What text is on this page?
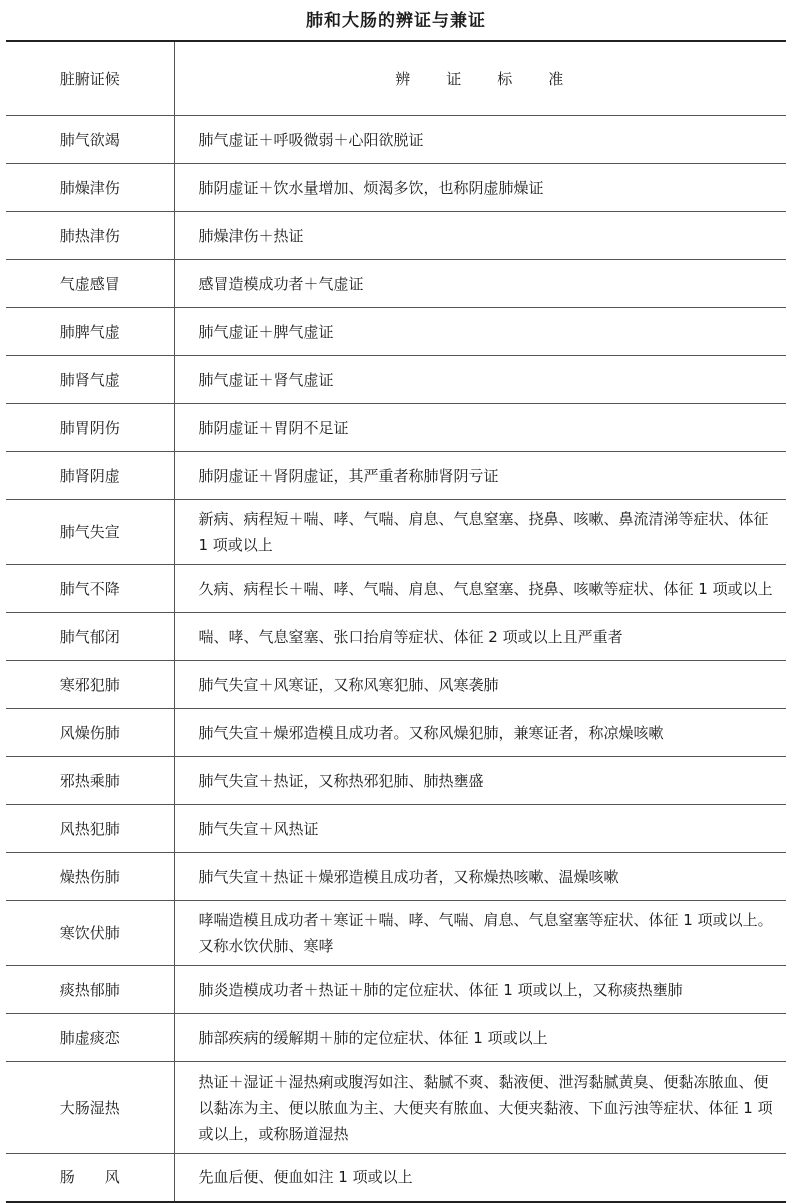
肺和大肠的辨证与兼证
脏腑证候	辨　　证　　标　　准
肺气欲竭	肺气虚证＋呼吸微弱＋心阳欲脱证
肺燥津伤	肺阴虚证＋饮水量增加、烦渴多饮，也称阴虚肺燥证
肺热津伤	肺燥津伤＋热证
气虚感冒	感冒造模成功者＋气虚证
肺脾气虚	肺气虚证＋脾气虚证
肺肾气虚	肺气虚证＋肾气虚证
肺胃阴伤	肺阴虚证＋胃阴不足证
肺肾阴虚	肺阴虚证＋肾阴虚证，其严重者称肺肾阴亏证
肺气失宣	新病、病程短＋喘、哮、气喘、肩息、气息窒塞、挠鼻、咳嗽、鼻流清涕等症状、体征 1 项或以上
肺气不降	久病、病程长＋喘、哮、气喘、肩息、气息窒塞、挠鼻、咳嗽等症状、体征 1 项或以上
肺气郁闭	喘、哮、气息窒塞、张口抬肩等症状、体征 2 项或以上且严重者
寒邪犯肺	肺气失宣＋风寒证，又称风寒犯肺、风寒袭肺
风燥伤肺	肺气失宣＋燥邪造模且成功者。又称风燥犯肺，兼寒证者，称凉燥咳嗽
邪热乘肺	肺气失宣＋热证，又称热邪犯肺、肺热壅盛
风热犯肺	肺气失宣＋风热证
燥热伤肺	肺气失宣＋热证＋燥邪造模且成功者，又称燥热咳嗽、温燥咳嗽
寒饮伏肺	哮喘造模且成功者＋寒证＋喘、哮、气喘、肩息、气息窒塞等症状、体征 1 项或以上。又称水饮伏肺、寒哮
痰热郁肺	肺炎造模成功者＋热证＋肺的定位症状、体征 1 项或以上，又称痰热壅肺
肺虚痰恋	肺部疾病的缓解期＋肺的定位症状、体征 1 项或以上
大肠湿热	热证＋湿证＋湿热痢或腹泻如注、黏腻不爽、黏液便、泄泻黏腻黄臭、便黏冻脓血、便以黏冻为主、便以脓血为主、大便夹有脓血、大便夹黏液、下血污浊等症状、体征 1 项或以上，或称肠道湿热
肠　　风	先血后便、便血如注 1 项或以上
